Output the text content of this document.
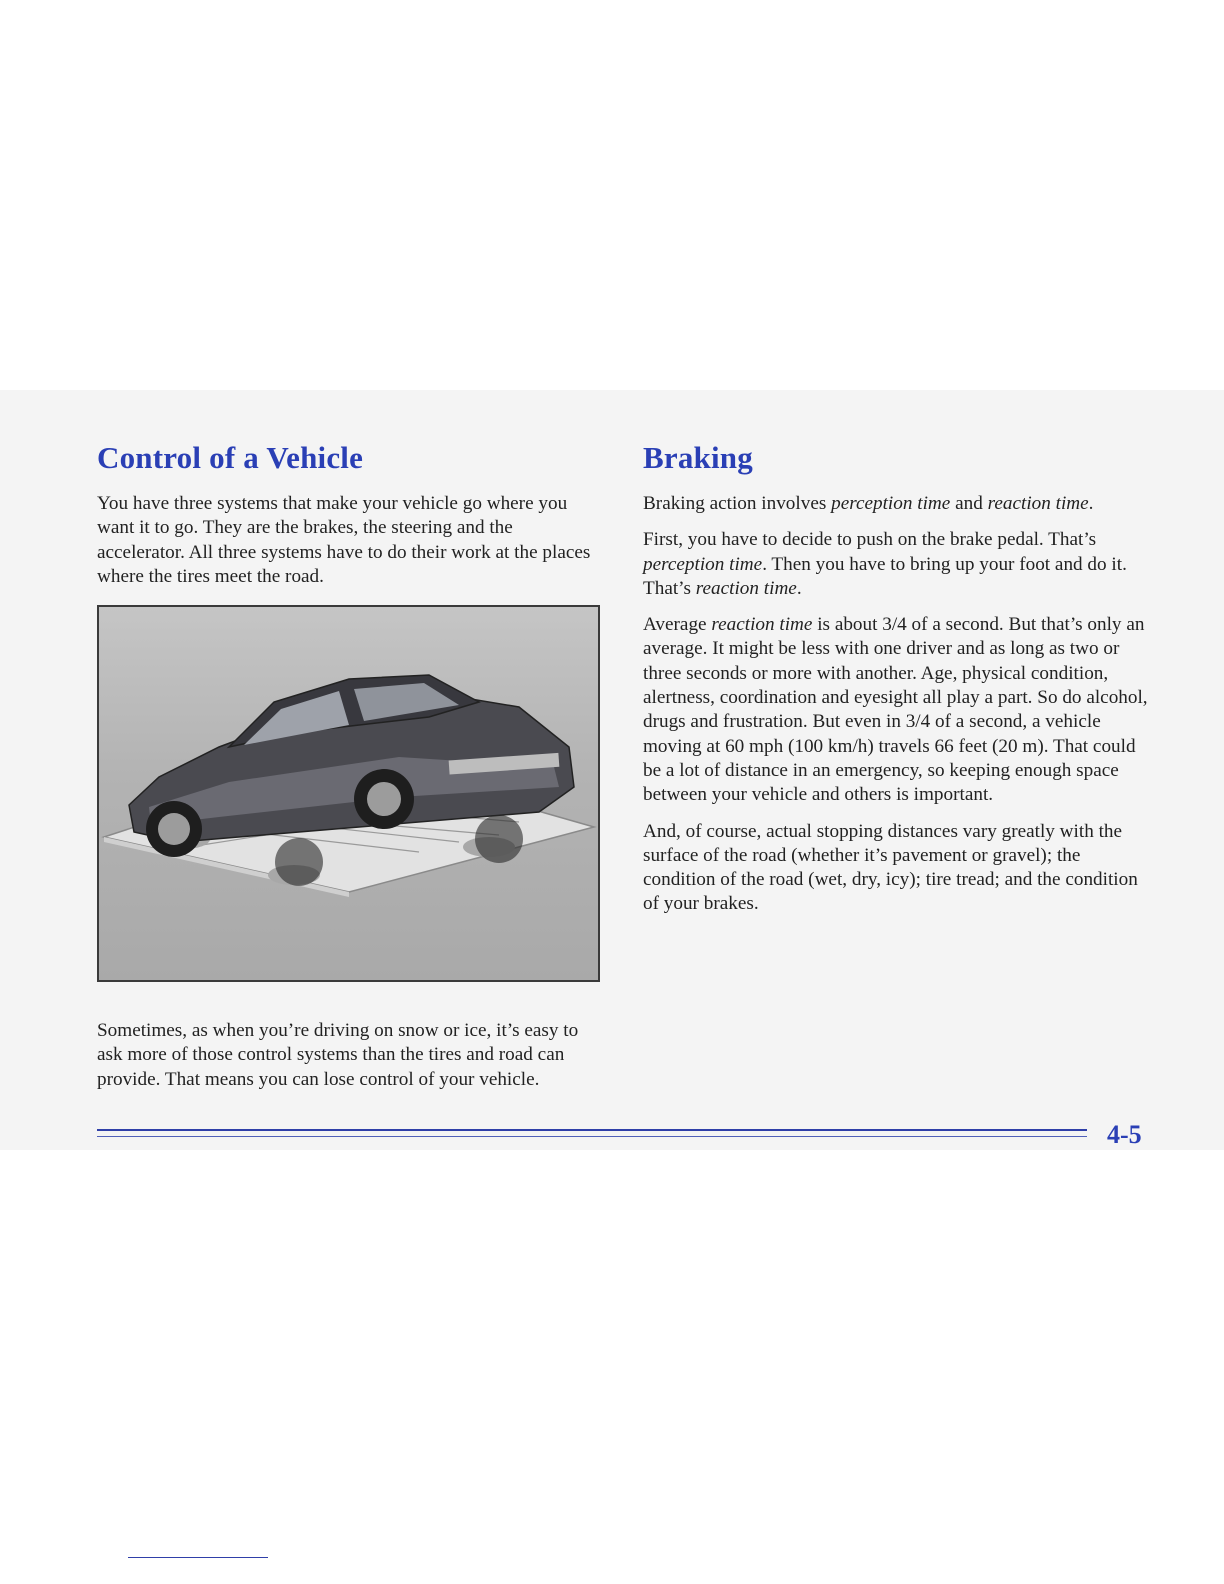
Control of a Vehicle

You have three systems that make your vehicle go where you want it to go. They are the brakes, the steering and the accelerator. All three systems have to do their work at the places where the tires meet the road.

Sometimes, as when you’re driving on snow or ice, it’s easy to ask more of those control systems than the tires and road can provide. That means you can lose control of your vehicle.

Braking

Braking action involves perception time and reaction time.

First, you have to decide to push on the brake pedal. That’s perception time. Then you have to bring up your foot and do it. That’s reaction time.

Average reaction time is about 3/4 of a second. But that’s only an average. It might be less with one driver and as long as two or three seconds or more with another. Age, physical condition, alertness, coordination and eyesight all play a part. So do alcohol, drugs and frustration. But even in 3/4 of a second, a vehicle moving at 60 mph (100 km/h) travels 66 feet (20 m). That could be a lot of distance in an emergency, so keeping enough space between your vehicle and others is important.

And, of course, actual stopping distances vary greatly with the surface of the road (whether it’s pavement or gravel); the condition of the road (wet, dry, icy); tire tread; and the condition of your brakes.

4-5
